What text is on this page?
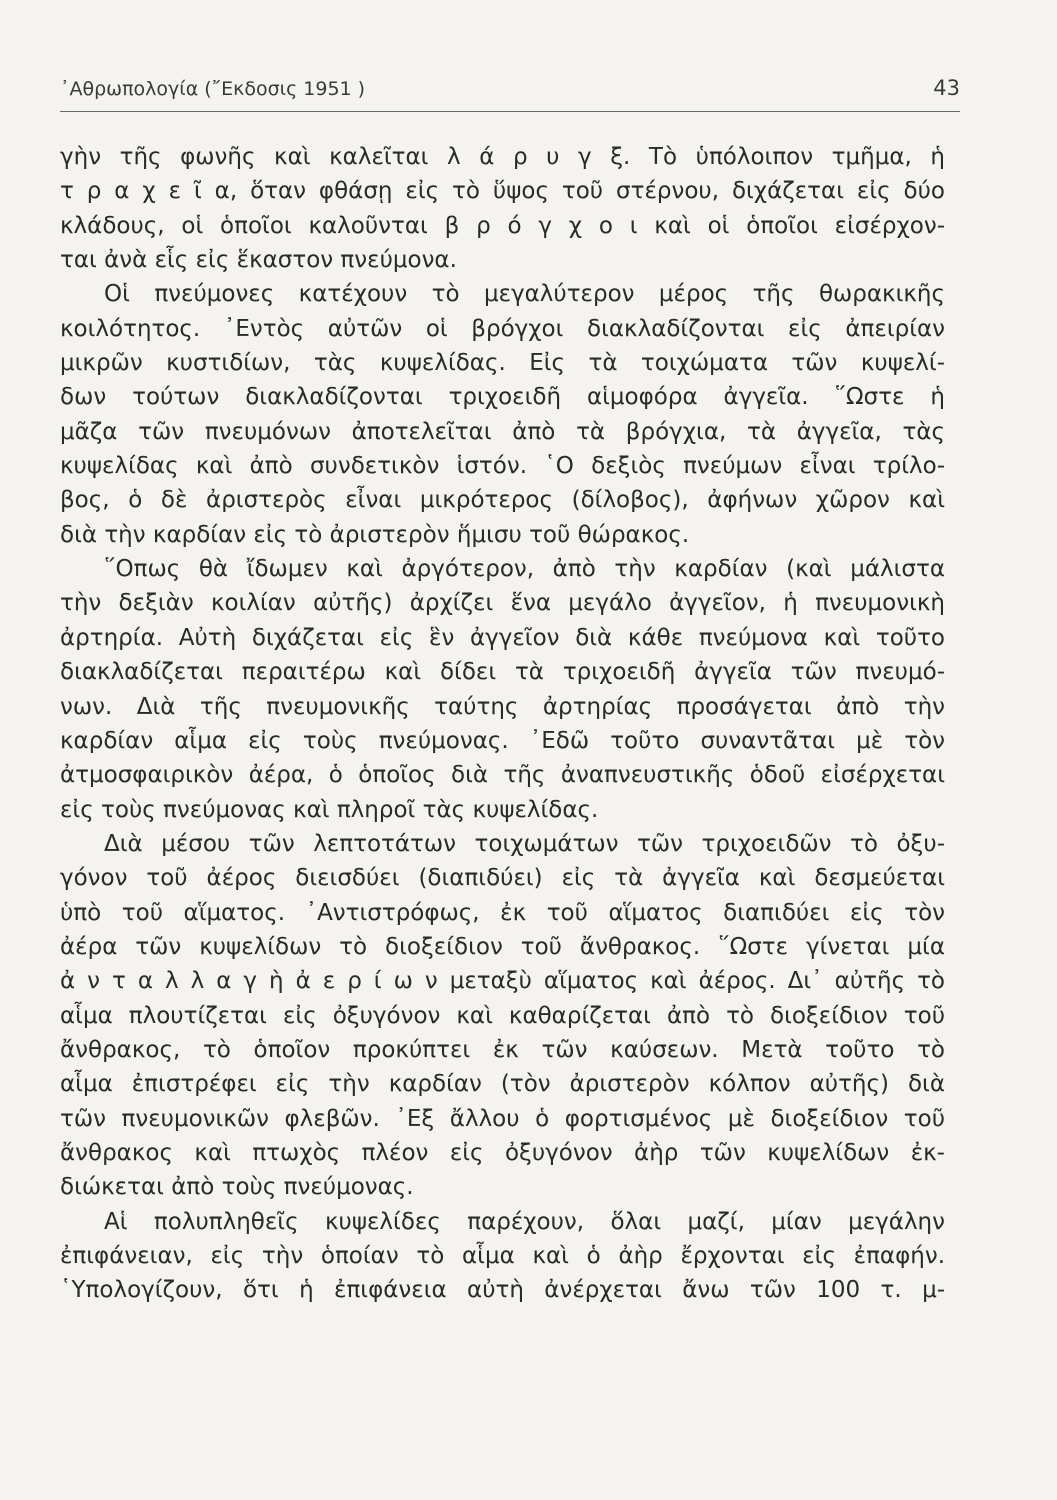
᾿Αθρωπολογία (῎Εκδοσις 1951 )	43
γὴν τῆς φωνῆς καὶ καλεῖται λ ά ρ υ γ ξ. Τὸ ὑπόλοιπον τμῆμα, ἡ
τ ρ α χ ε ῖ α, ὅταν φθάσῃ εἰς τὸ ὕψος τοῦ στέρνου, διχάζεται εἰς δύο
κλάδους, οἱ ὁποῖοι καλοῦνται β ρ ό γ χ ο ι καὶ οἱ ὁποῖοι εἰσέρχον-
ται ἀνὰ εἷς εἰς ἕκαστον πνεύμονα.
Οἱ πνεύμονες κατέχουν τὸ μεγαλύτερον μέρος τῆς θωρακικῆς
κοιλότητος. ᾿Εντὸς αὐτῶν οἱ βρόγχοι διακλαδίζονται εἰς ἀπειρίαν
μικρῶν κυστιδίων, τὰς κυψελίδας. Εἰς τὰ τοιχώματα τῶν κυψελί-
δων τούτων διακλαδίζονται τριχοειδῆ αἱμοφόρα ἀγγεῖα. ῞Ωστε ἡ
μᾶζα τῶν πνευμόνων ἀποτελεῖται ἀπὸ τὰ βρόγχια, τὰ ἀγγεῖα, τὰς
κυψελίδας καὶ ἀπὸ συνδετικὸν ἱστόν. ῾Ο δεξιὸς πνεύμων εἶναι τρίλο-
βος, ὁ δὲ ἀριστερὸς εἶναι μικρότερος (δίλοβος), ἀφήνων χῶρον καὶ
διὰ τὴν καρδίαν εἰς τὸ ἀριστερὸν ἥμισυ τοῦ θώρακος.
῞Οπως θὰ ἴδωμεν καὶ ἀργότερον, ἀπὸ τὴν καρδίαν (καὶ μάλιστα
τὴν δεξιὰν κοιλίαν αὐτῆς) ἀρχίζει ἕνα μεγάλο ἀγγεῖον, ἡ πνευμονικὴ
ἀρτηρία. Αὐτὴ διχάζεται εἰς ἓν ἀγγεῖον διὰ κάθε πνεύμονα καὶ τοῦτο
διακλαδίζεται περαιτέρω καὶ δίδει τὰ τριχοειδῆ ἀγγεῖα τῶν πνευμό-
νων. Διὰ τῆς πνευμονικῆς ταύτης ἀρτηρίας προσάγεται ἀπὸ τὴν
καρδίαν αἷμα εἰς τοὺς πνεύμονας. ᾿Εδῶ τοῦτο συναντᾶται μὲ τὸν
ἀτμοσφαιρικὸν ἀέρα, ὁ ὁποῖος διὰ τῆς ἀναπνευστικῆς ὁδοῦ εἰσέρχεται
εἰς τοὺς πνεύμονας καὶ πληροῖ τὰς κυψελίδας.
Διὰ μέσου τῶν λεπτοτάτων τοιχωμάτων τῶν τριχοειδῶν τὸ ὀξυ-
γόνον τοῦ ἀέρος διεισδύει (διαπιδύει) εἰς τὰ ἀγγεῖα καὶ δεσμεύεται
ὑπὸ τοῦ αἵματος. ᾿Αντιστρόφως, ἐκ τοῦ αἵματος διαπιδύει εἰς τὸν
ἀέρα τῶν κυψελίδων τὸ διοξείδιον τοῦ ἄνθρακος. ῞Ωστε γίνεται μία
ἀ ν τ α λ λ α γ ὴ ἀ ε ρ ί ω ν μεταξὺ αἵματος καὶ ἀέρος. Δι᾿ αὐτῆς τὸ
αἷμα πλουτίζεται εἰς ὀξυγόνον καὶ καθαρίζεται ἀπὸ τὸ διοξείδιον τοῦ
ἄνθρακος, τὸ ὁποῖον προκύπτει ἐκ τῶν καύσεων. Μετὰ τοῦτο τὸ
αἷμα ἐπιστρέφει εἰς τὴν καρδίαν (τὸν ἀριστερὸν κόλπον αὐτῆς) διὰ
τῶν πνευμονικῶν φλεβῶν. ᾿Εξ ἄλλου ὁ φορτισμένος μὲ διοξείδιον τοῦ
ἄνθρακος καὶ πτωχὸς πλέον εἰς ὀξυγόνον ἀὴρ τῶν κυψελίδων ἐκ-
διώκεται ἀπὸ τοὺς πνεύμονας.
Αἱ πολυπληθεῖς κυψελίδες παρέχουν, ὅλαι μαζί, μίαν μεγάλην
ἐπιφάνειαν, εἰς τὴν ὁποίαν τὸ αἷμα καὶ ὁ ἀὴρ ἔρχονται εἰς ἐπαφήν.
῾Υπολογίζουν, ὅτι ἡ ἐπιφάνεια αὐτὴ ἀνέρχεται ἄνω τῶν 100 τ. μ-
